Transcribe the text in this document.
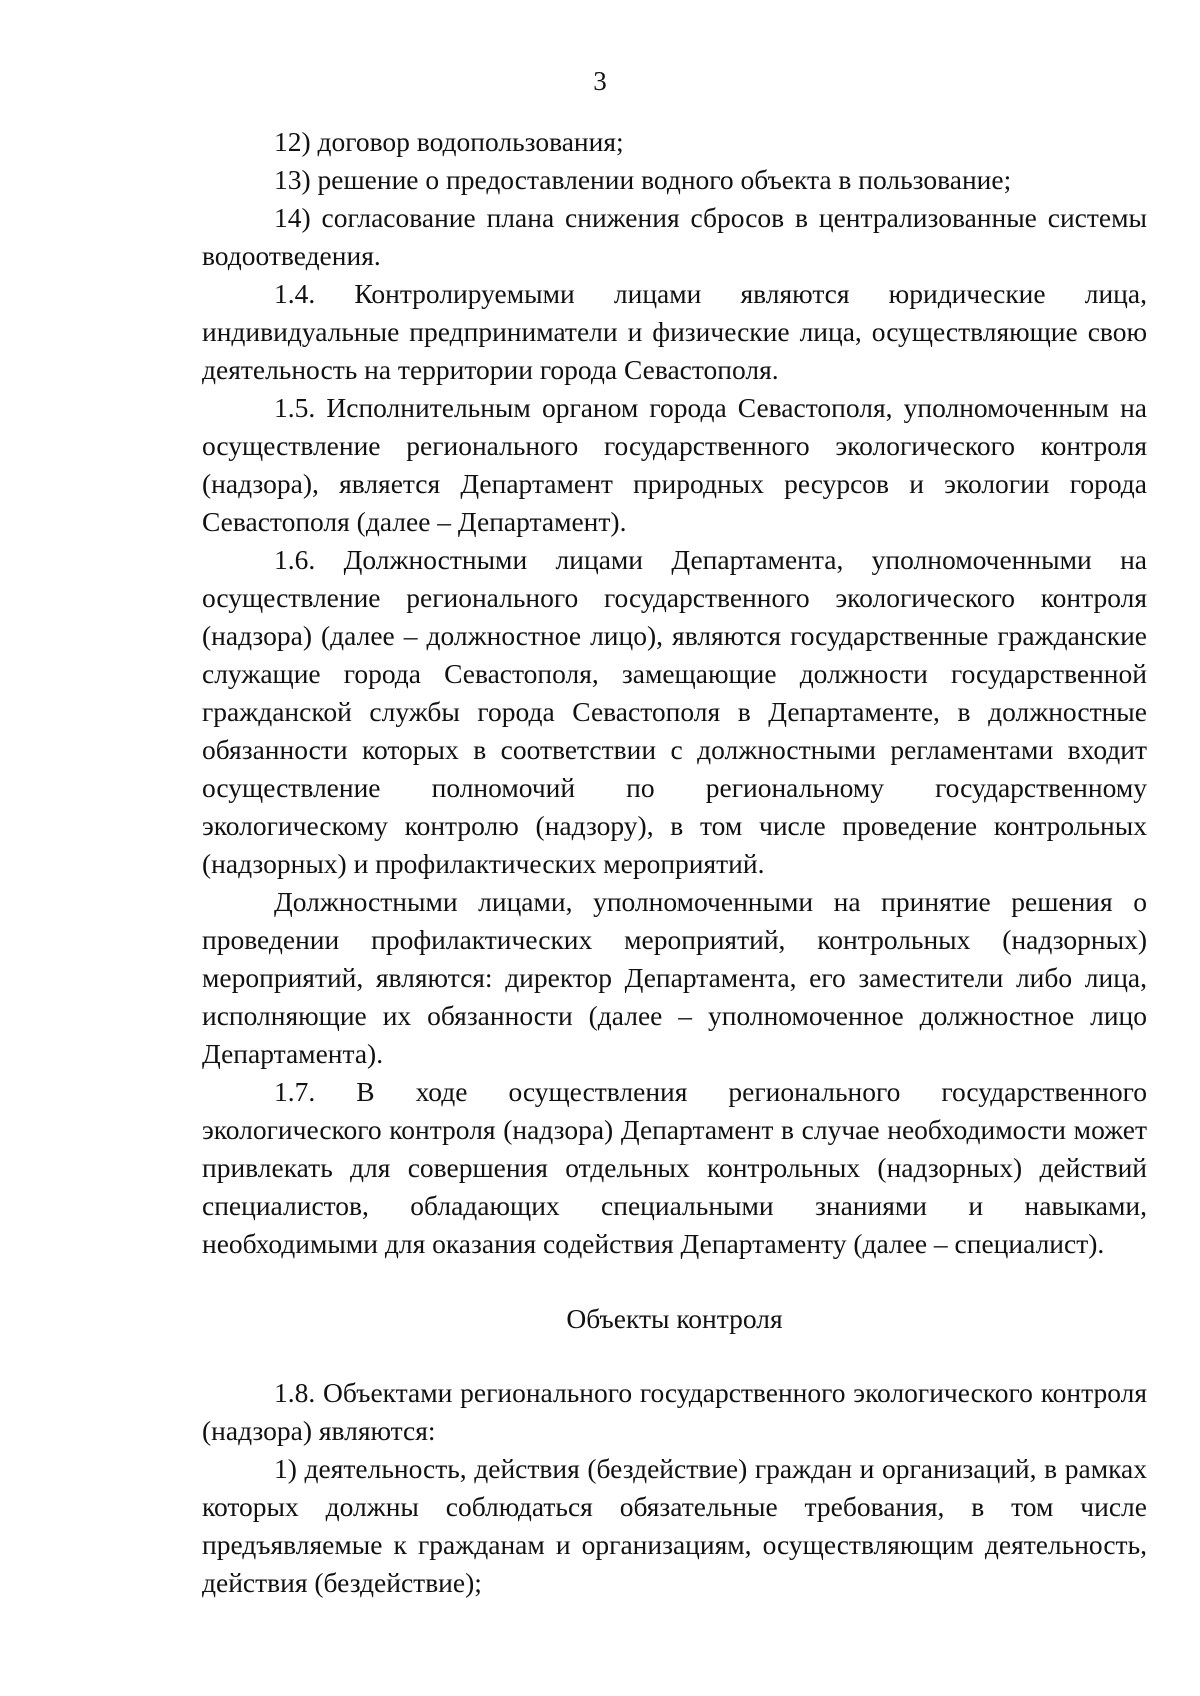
3

12) договор водопользования;

13) решение о предоставлении водного объекта в пользование;

14) согласование плана снижения сбросов в централизованные системы водоотведения.

1.4. Контролируемыми лицами являются юридические лица, индивидуальные предприниматели и физические лица, осуществляющие свою деятельность на территории города Севастополя.

1.5. Исполнительным органом города Севастополя, уполномоченным на осуществление регионального государственного экологического контроля (надзора), является Департамент природных ресурсов и экологии города Севастополя (далее – Департамент).

1.6. Должностными лицами Департамента, уполномоченными на осуществление регионального государственного экологического контроля (надзора) (далее – должностное лицо), являются государственные гражданские служащие города Севастополя, замещающие должности государственной гражданской службы города Севастополя в Департаменте, в должностные обязанности которых в соответствии с должностными регламентами входит осуществление полномочий по региональному государственному экологическому контролю (надзору), в том числе проведение контрольных (надзорных) и профилактических мероприятий.

Должностными лицами, уполномоченными на принятие решения о проведении профилактических мероприятий, контрольных (надзорных) мероприятий, являются: директор Департамента, его заместители либо лица, исполняющие их обязанности (далее – уполномоченное должностное лицо Департамента).

1.7. В ходе осуществления регионального государственного экологического контроля (надзора) Департамент в случае необходимости может привлекать для совершения отдельных контрольных (надзорных) действий специалистов, обладающих специальными знаниями и навыками, необходимыми для оказания содействия Департаменту (далее – специалист).

Объекты контроля

1.8. Объектами регионального государственного экологического контроля (надзора) являются:

1) деятельность, действия (бездействие) граждан и организаций, в рамках которых должны соблюдаться обязательные требования, в том числе предъявляемые к гражданам и организациям, осуществляющим деятельность, действия (бездействие);
